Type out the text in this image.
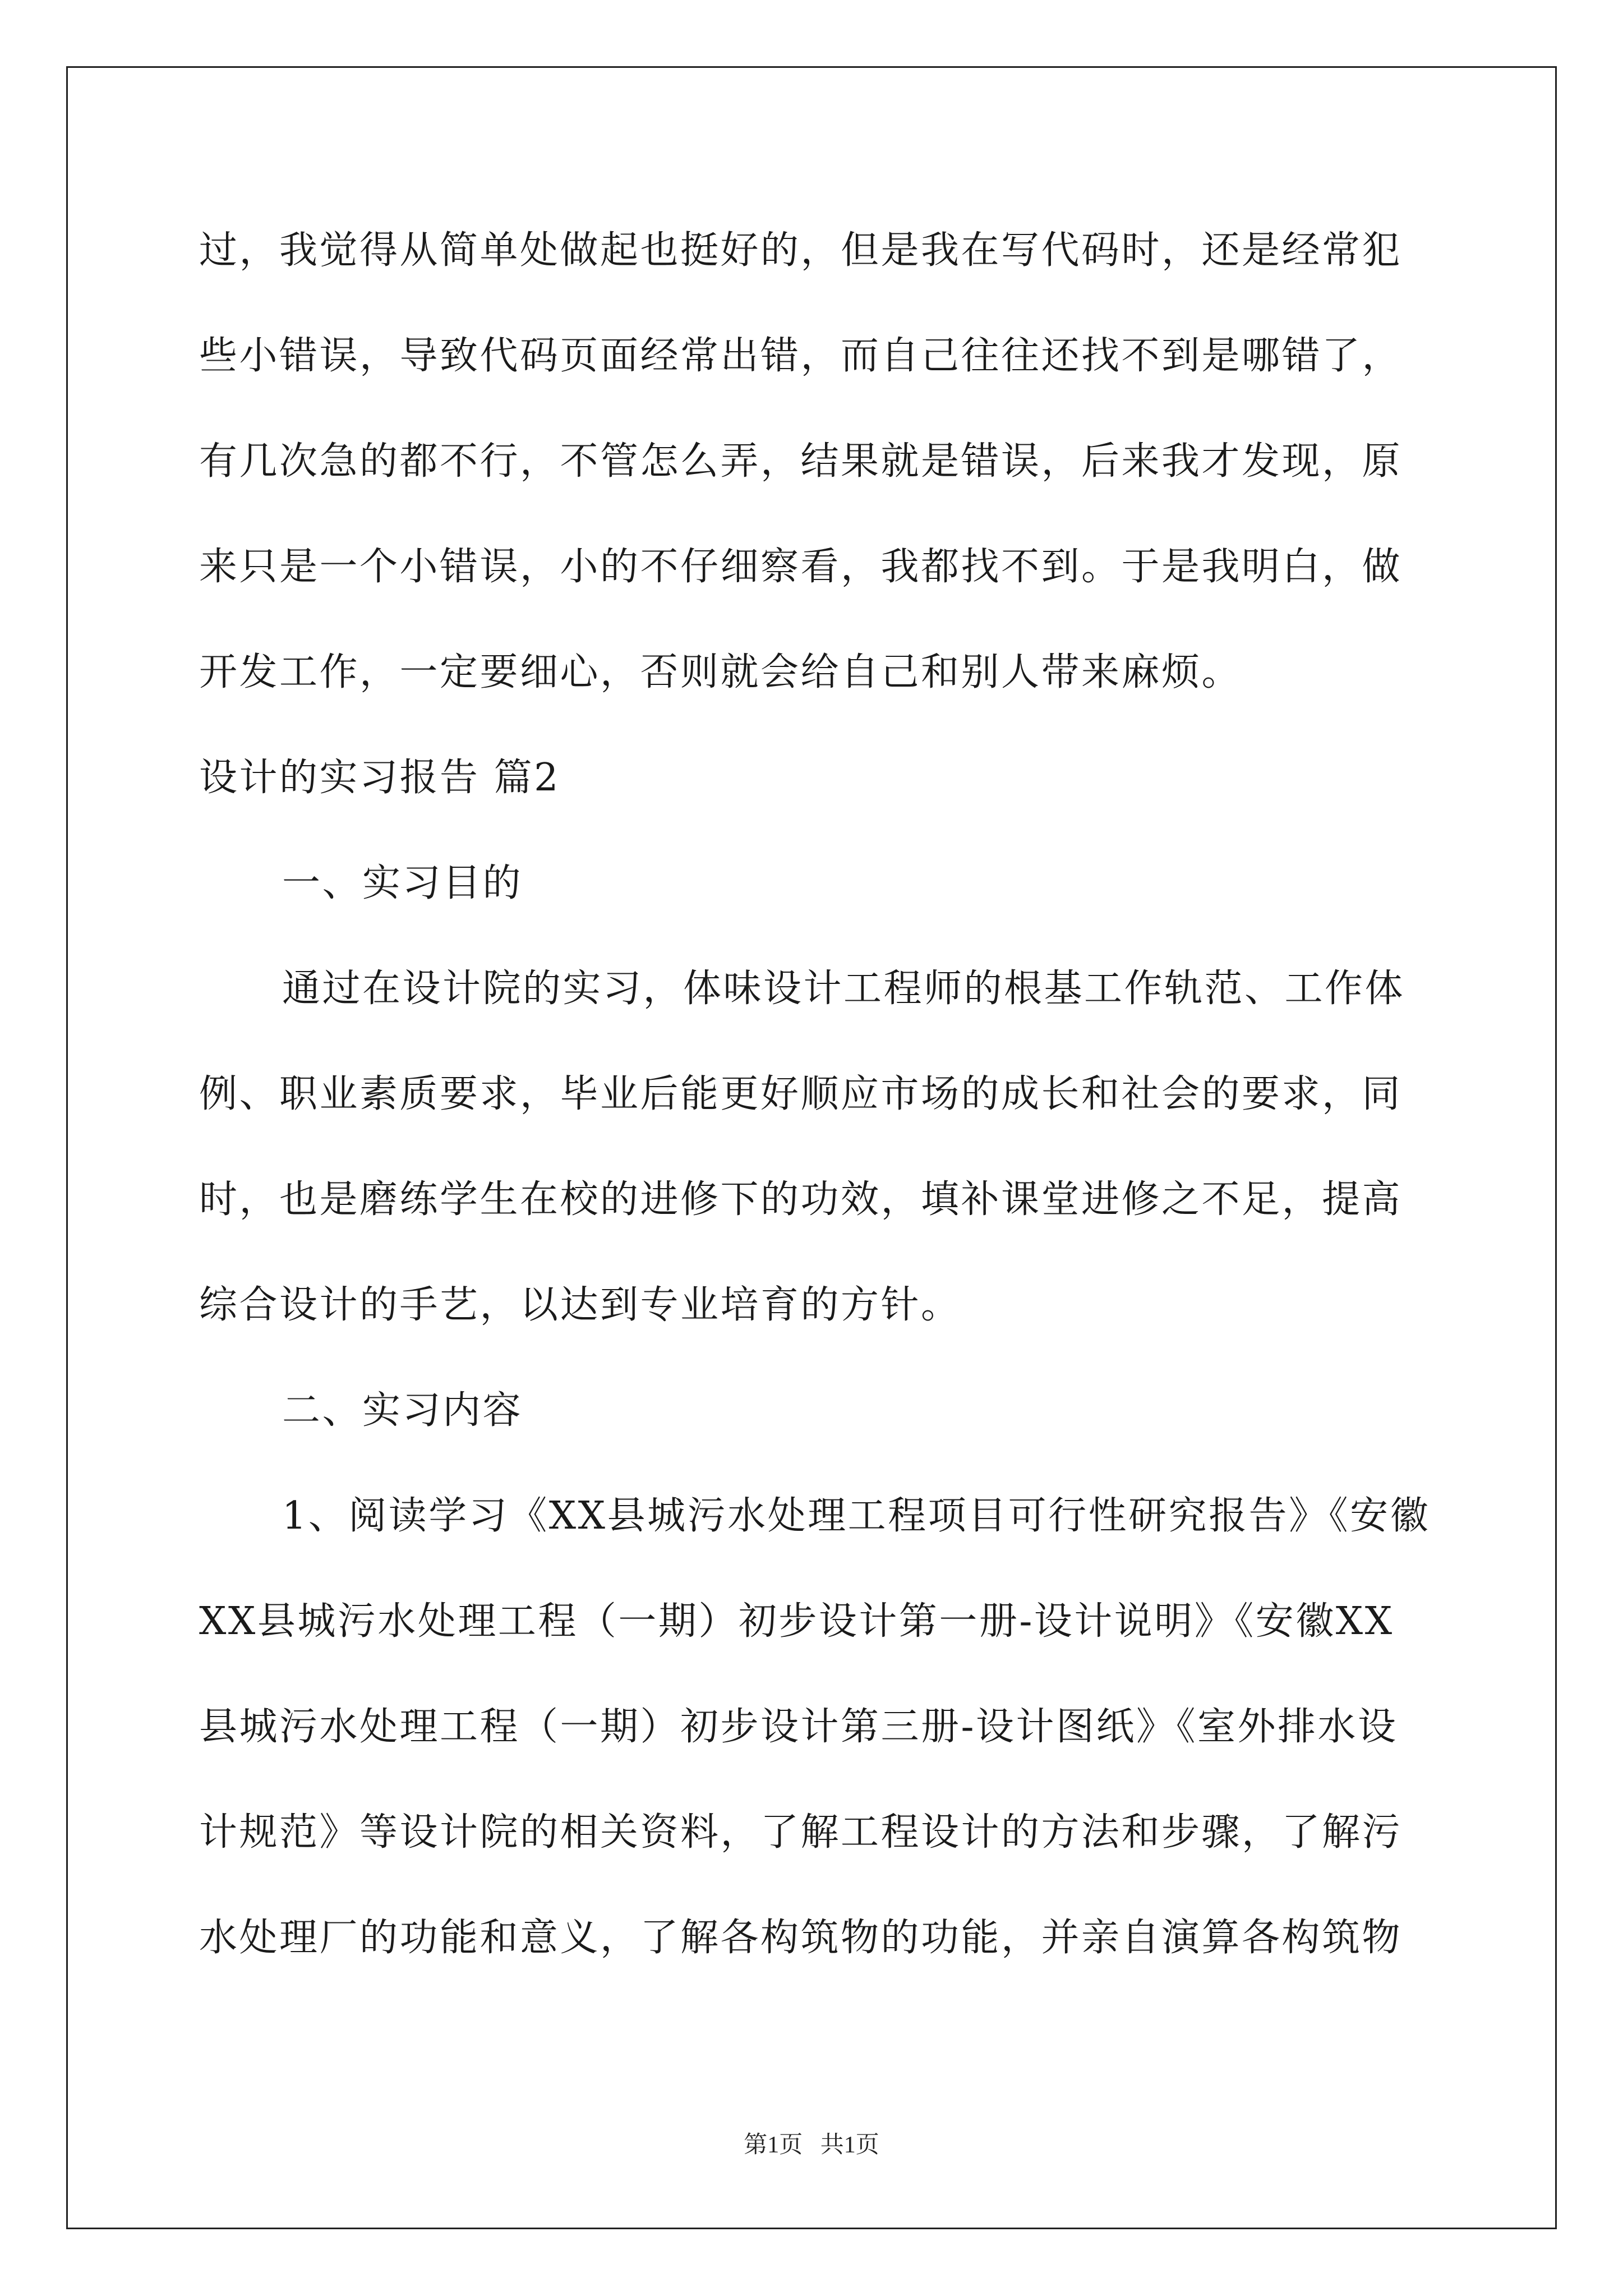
过，我觉得从简单处做起也挺好的，但是我在写代码时，还是经常犯
些小错误，导致代码页面经常出错，而自己往往还找不到是哪错了，
有几次急的都不行，不管怎么弄，结果就是错误，后来我才发现，原
来只是一个小错误，小的不仔细察看，我都找不到。于是我明白，做
开发工作，一定要细心，否则就会给自己和别人带来麻烦。
设计的实习报告 篇2
一、实习目的
通过在设计院的实习，体味设计工程师的根基工作轨范、工作体
例、职业素质要求，毕业后能更好顺应市场的成长和社会的要求，同
时，也是磨练学生在校的进修下的功效，填补课堂进修之不足，提高
综合设计的手艺，以达到专业培育的方针。
二、实习内容
1、阅读学习《XX县城污水处理工程项目可行性研究报告》《安徽
XX县城污水处理工程（一期）初步设计第一册-设计说明》《安徽XX
县城污水处理工程（一期）初步设计第三册-设计图纸》《室外排水设
计规范》等设计院的相关资料，了解工程设计的方法和步骤，了解污
水处理厂的功能和意义，了解各构筑物的功能，并亲自演算各构筑物
第1页   共1页
